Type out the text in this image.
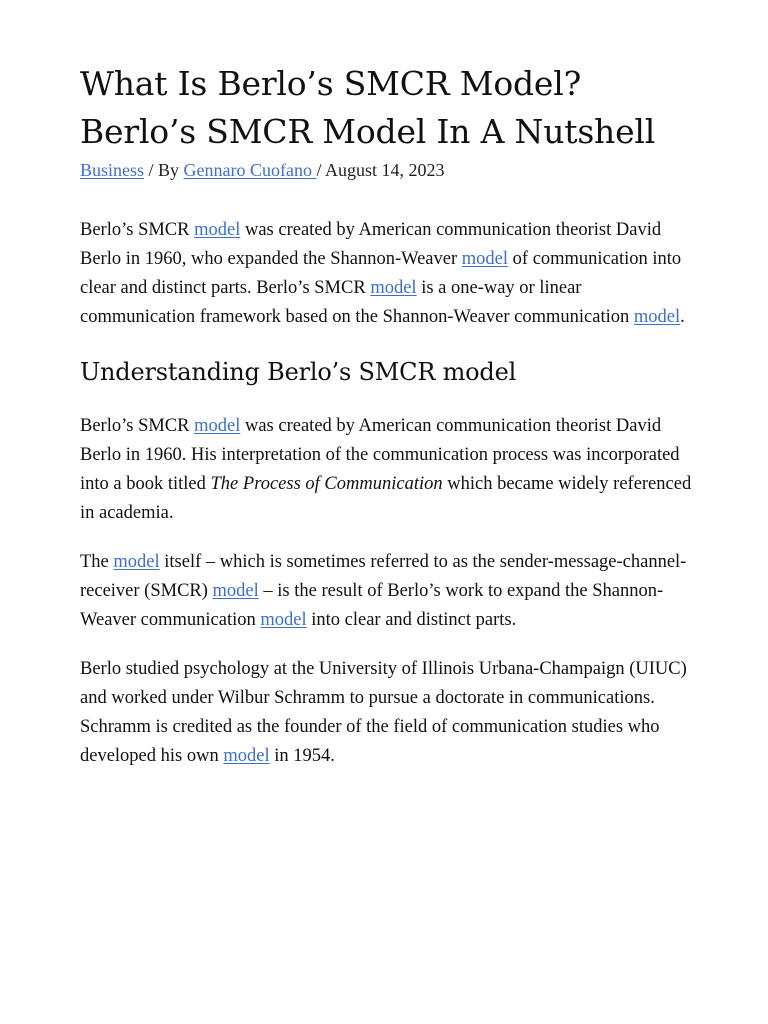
What Is Berlo’s SMCR Model? Berlo’s SMCR Model In A Nutshell
Business / By Gennaro Cuofano / August 14, 2023

Berlo’s SMCR model was created by American communication theorist David Berlo in 1960, who expanded the Shannon-Weaver model of communication into clear and distinct parts. Berlo’s SMCR model is a one-way or linear communication framework based on the Shannon-Weaver communication model.

Understanding Berlo’s SMCR model

Berlo’s SMCR model was created by American communication theorist David Berlo in 1960. His interpretation of the communication process was incorporated into a book titled The Process of Communication which became widely referenced in academia.

The model itself – which is sometimes referred to as the sender-message-channel-receiver (SMCR) model – is the result of Berlo’s work to expand the Shannon-Weaver communication model into clear and distinct parts.

Berlo studied psychology at the University of Illinois Urbana-Champaign (UIUC) and worked under Wilbur Schramm to pursue a doctorate in communications. Schramm is credited as the founder of the field of communication studies who developed his own model in 1954.
